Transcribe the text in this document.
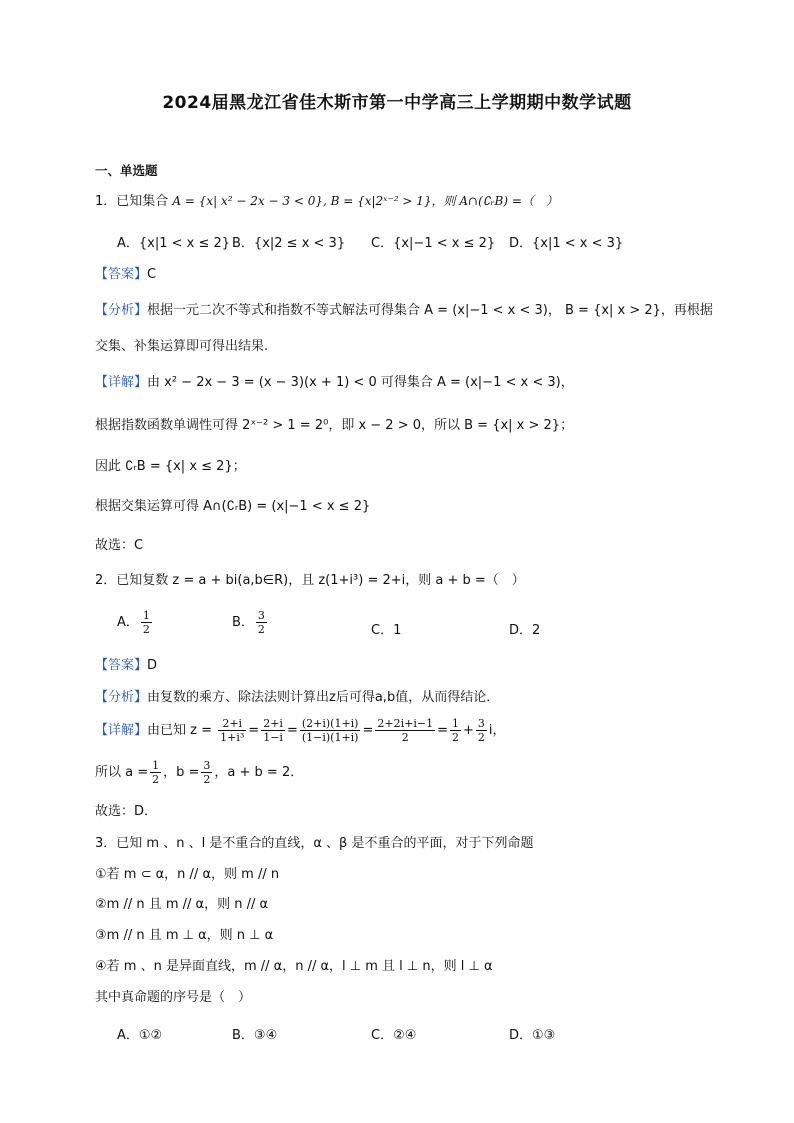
2024届黑龙江省佳木斯市第一中学高三上学期期中数学试题
一、单选题
1．已知集合 A = {x| x² − 2x − 3 < 0}, B = {x|2ˣ⁻² > 1}，则 A∩(∁ᵣB) =（　）
A．{x|1 < x ≤ 2} B．{x|2 ≤ x < 3} C．{x|−1 < x ≤ 2} D．{x|1 < x < 3}
【答案】C
【分析】根据一元二次不等式和指数不等式解法可得集合 A = (x|−1 < x < 3)， B = {x| x > 2}，再根据
交集、补集运算即可得出结果.
【详解】由 x² − 2x − 3 = (x − 3)(x + 1) < 0 可得集合 A = (x|−1 < x < 3)，
根据指数函数单调性可得 2ˣ⁻² > 1 = 2⁰，即 x − 2 > 0，所以 B = {x| x > 2}；
因此 ∁ᵣB = {x| x ≤ 2}；
根据交集运算可得 A∩(∁ᵣB) = (x|−1 < x ≤ 2}
故选：C
2．已知复数 z = a + bi(a,b∈R)，且 z(1+i³) = 2+i，则 a + b =（　）
A． $\frac{1}{2}$	B． $\frac{3}{2}$	C．1	D．2
【答案】D
【分析】由复数的乘方、除法法则计算出z后可得a,b值，从而得结论．
【详解】由已知 $z = \frac{2+i}{\text{1+i³}} = \frac{2+i}{1-i} = \frac{(2+i)(1+i)}{(1-i)(1+i)} = \frac{2+2i+i-1}{2} = \frac{1}{2} + \frac{3}{2}$ i，
所以 $a = \frac{1}{2}$ ，$b = \frac{3}{2}$ ，a + b = 2．
故选：D．
3．已知 m 、n 、l 是不重合的直线，α 、β 是不重合的平面，对于下列命题
①若 m ⊂ α，n // α，则 m // n
②m // n 且 m // α，则 n // α
③m // n 且 m ⊥ α，则 n ⊥ α
④若 m 、n 是异面直线，m // α，n // α，l ⊥ m 且 l ⊥ n，则 l ⊥ α
其中真命题的序号是（　）
A．①②	B．③④	C．②④	D．①③
